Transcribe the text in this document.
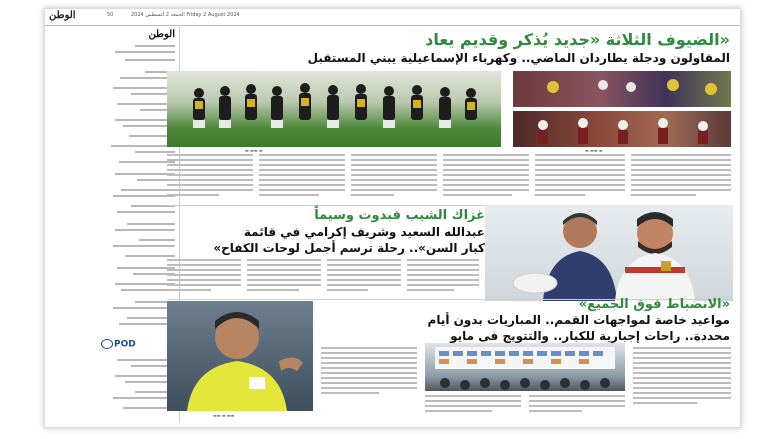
الوطن	50	الجمعة 2 أغسطس 2024 Friday 2 August 2024
الوطن
POD
الضيوف الثلاثة «جديد يُذكر وقديم يعاد»
المقاولون ودجلة يطاردان الماضي.. وكهرباء الإسماعيلية يبني المستقبل
▬ ▬▬ ▬	▬ ▬▬ ▬
غزاك الشيب فبدوت وسيماً
عبدالله السعيد وشريف إكرامي في قائمة
«كبار السن».. رحلة ترسم أجمل لوحات الكفاح
«الانضباط فوق الجميع»
مواعيد خاصة لمواجهات القمم.. المباريات بدون أيام
محددة.. راحات إجبارية للكبار.. والتتويج فى مايو
▬▬ ▬ ▬▬
